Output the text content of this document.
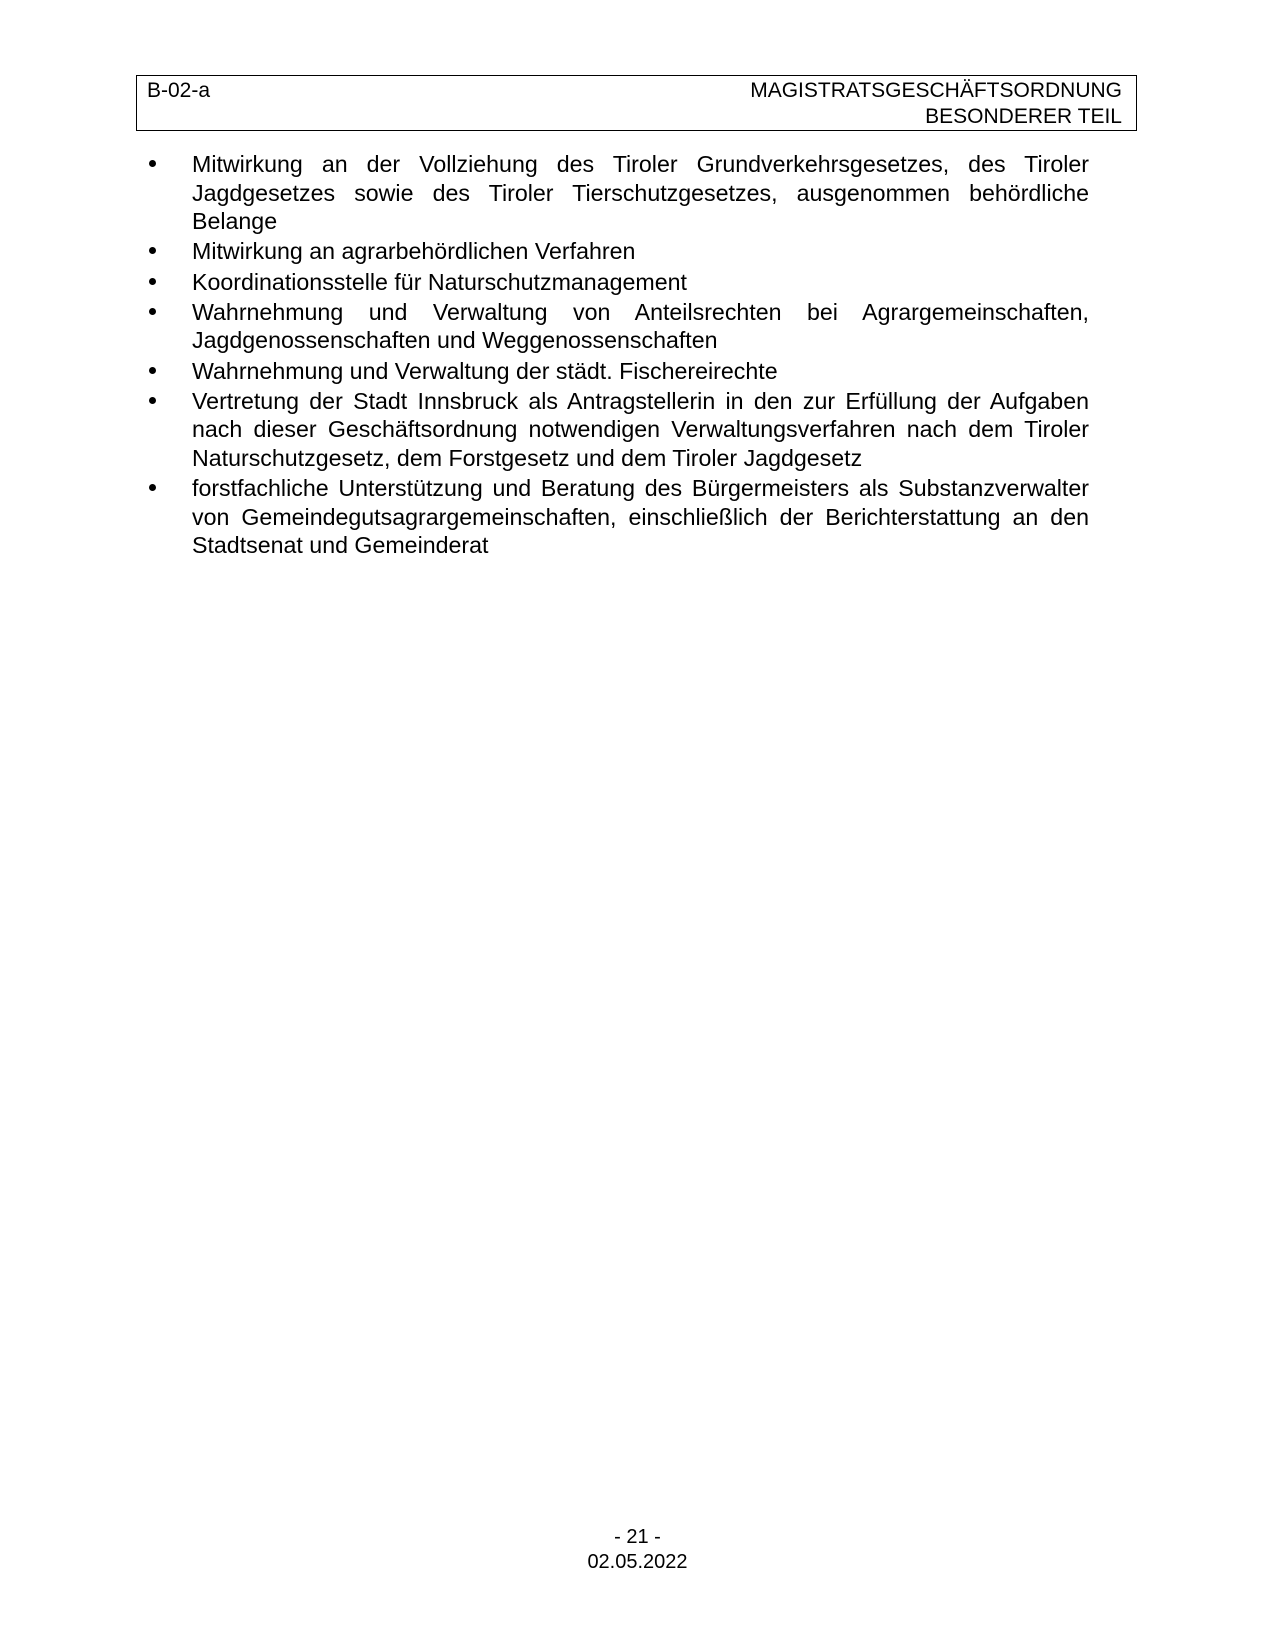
B-02-a	MAGISTRATSGESCHÄFTSORDNUNG
BESONDERER TEIL
Mitwirkung an der Vollziehung des Tiroler Grundverkehrsgesetzes, des Tiroler Jagdgesetzes sowie des Tiroler Tierschutzgesetzes, ausgenommen behördliche Belange
Mitwirkung an agrarbehördlichen Verfahren
Koordinationsstelle für Naturschutzmanagement
Wahrnehmung und Verwaltung von Anteilsrechten bei Agrargemeinschaften, Jagdgenossenschaften und Weggenossenschaften
Wahrnehmung und Verwaltung der städt. Fischereirechte
Vertretung der Stadt Innsbruck als Antragstellerin in den zur Erfüllung der Aufgaben nach dieser Geschäftsordnung notwendigen Verwaltungsverfahren nach dem Tiroler Naturschutzgesetz, dem Forstgesetz und dem Tiroler Jagdgesetz
forstfachliche Unterstützung und Beratung des Bürgermeisters als Substanzverwalter von Gemeindegutsagrargemeinschaften, einschließlich der Berichterstattung an den Stadtsenat und Gemeinderat
- 21 -
02.05.2022
